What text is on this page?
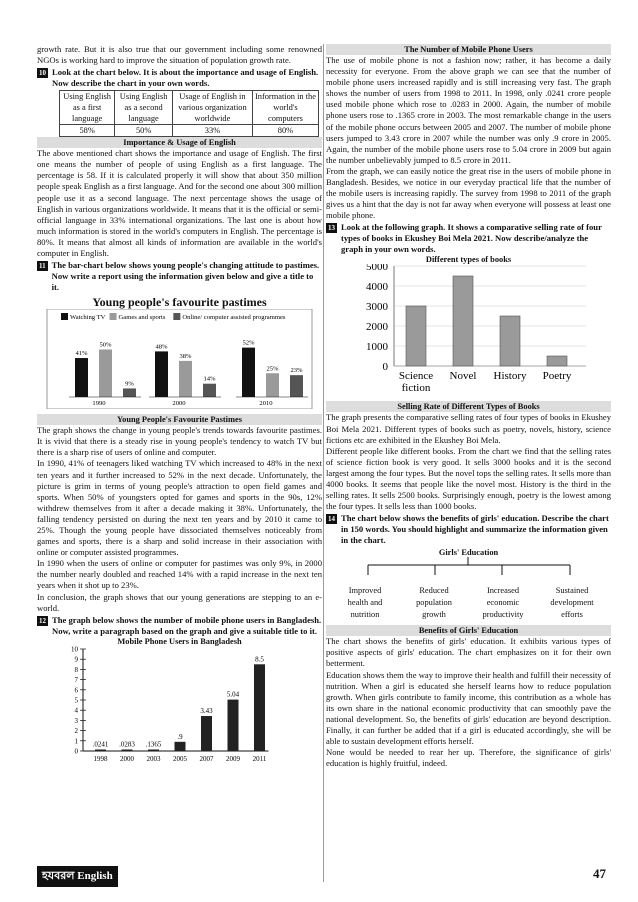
growth rate. But it is also true that our government including some renowned NGOs is working hard to improve the situation of population growth rate.

10 Look at the chart below. It is about the importance and usage of English. Now describe the chart in your own words.
Using English as a first language	Using English as a second language	Usage of English in various organization worldwide	Information in the world's computers
58%	50%	33%	80%
Importance & Usage of English

The above mentioned chart shows the importance and usage of English. The first one means the number of people of using English as a first language. The percentage is 58. If it is calculated properly it will show that about 350 million people speak English as a first language. And for the second one about 300 million people use it as a second language. The next percentage shows the usage of English in various organizations worldwide. It means that it is the official or semi-official language in 33% international organizations. The last one is about how much information is stored in the world's computers in English. The percentage is 80%. It means that almost all kinds of information are available in the world's computer in English.

11 The bar-chart below shows young people's changing attitude to pastimes. Now write a report using the information given below and give a title to it.
Young people's favourite pastimes
Watching TV Games and sports	Online/ computer assisted programmes
41%
50%
9%
48%
38%
14%
52%
25% 23%
1990	2000	2010
Young People's Favourite Pastimes

The graph shows the change in young people's trends towards favourite pastimes. It is vivid that there is a steady rise in young people's tendency to watch TV but there is a sharp rise of users of online and computer.

In 1990, 41% of teenagers liked watching TV which increased to 48% in the next ten years and it further increased to 52% in the next decade. Unfortunately, the picture is grim in terms of young people's attraction to open field games and sports. When 50% of youngsters opted for games and sports in the 90s, 12% withdrew themselves from it after a decade making it 38%. Unfortunately, the falling tendency persisted on during the next ten years and by 2010 it came to 25%. Though the young people have dissociated themselves noticeably from games and sports, there is a sharp and solid increase in their association with online or computer assisted programmes.

In 1990 when the users of online or computer for pastimes was only 9%, in 2000 the number nearly doubled and reached 14% with a rapid increase in the next ten years when it shot up to 23%.

In conclusion, the graph shows that our young generations are stepping to an e-world.

12 The graph below shows the number of mobile phone users in Bangladesh. Now, write a paragraph based on the graph and give a suitable title to it.
Mobile Phone Users in Bangladesh
0
1
2
3
4
5
6
7
8
9
10
.0241
1998
.0283
2000
.1365
2003
.9
2005
3.43
2007
5.04
2009
8.5
2011
The Number of Mobile Phone Users

The use of mobile phone is not a fashion now; rather, it has become a daily necessity for everyone. From the above graph we can see that the number of mobile phone users increased rapidly and is still increasing very fast. The graph shows the number of users from 1998 to 2011. In 1998, only .0241 crore people used mobile phone which rose to .0283 in 2000. Again, the number of mobile phone users rose to .1365 crore in 2003. The most remarkable change in the users of the mobile phone occurs between 2005 and 2007. The number of mobile phone users jumped to 3.43 crore in 2007 while the number was only .9 crore in 2005. Again, the number of the mobile phone users rose to 5.04 crore in 2009 but again the number unbelievably jumped to 8.5 crore in 2011.

From the graph, we can easily notice the great rise in the users of mobile phone in Bangladesh. Besides, we notice in our everyday practical life that the number of the mobile users is increasing rapidly. The survey from 1998 to 2011 of the graph gives us a hint that the day is not far away when everyone will possess at least one mobile phone.

13 Look at the following graph. It shows a comparative selling rate of four types of books in Ekushey Boi Mela 2021. Now describe/analyze the graph in your own words.
Different types of books
0
1000
2000
3000
4000
5000
Science
fiction
Novel History Poetry
Selling Rate of Different Types of Books

The graph presents the comparative selling rates of four types of books in Ekushey Boi Mela 2021. Different types of books such as poetry, novels, history, science fictions etc are exhibited in the Ekushey Boi Mela.

Different people like different books. From the chart we find that the selling rates of science fiction book is very good. It sells 3000 books and it is the second largest among the four types. But the novel tops the selling rates. It sells more than 4000 books. It seems that people like the novel most. History is the third in the selling rates. It sells 2500 books. Surprisingly enough, poetry is the lowest among the four types. It sells less than 1000 books.

14 The chart below shows the benefits of girls' education. Describe the chart in 150 words. You should highlight and summarize the information given in the chart.
Girls' Education
Improved
health and
nutrition
Reduced
population
growth
Increased
economic
productivity
Sustained
development
efforts
Benefits of Girls' Education

The chart shows the benefits of girls' education. It exhibits various types of positive aspects of girls' education. The chart emphasizes on it for their own betterment.

Education shows them the way to improve their health and fulfill their necessity of nutrition. When a girl is educated she herself learns how to reduce population growth. When girls contribute to family income, this contribution as a whole has its own share in the national economic productivity that can smoothly pave the national development. So, the benefits of girls' education are beyond description. Finally, it can further be added that if a girl is educated accordingly, she will be able to sustain development efforts herself.

None would be needed to rear her up. Therefore, the significance of girls' education is highly fruitful, indeed.

হযবরল English	47
